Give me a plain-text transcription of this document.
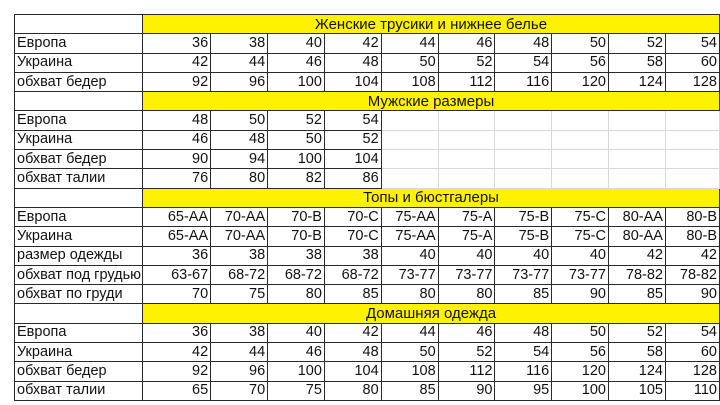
	Женские трусики и нижнее белье									
Европа	36	38	40	42	44	46	48	50	52	54
Украина	42	44	46	48	50	52	54	56	58	60
обхват бедер	92	96	100	104	108	112	116	120	124	128
	Мужские размеры									
Европа	48	50	52	54						
Украина	46	48	50	52						
обхват бедер	90	94	100	104						
обхват талии	76	80	82	86						
	Топы и бюстгалеры									
Европа	65-AA	70-AA	70-B	70-C	75-AA	75-A	75-B	75-C	80-AA	80-B
Украина	65-AA	70-AA	70-B	70-C	75-AA	75-A	75-B	75-C	80-AA	80-B
размер одежды	36	38	38	38	40	40	40	40	42	42
обхват под грудью	63-67	68-72	68-72	68-72	73-77	73-77	73-77	73-77	78-82	78-82
обхват по груди	70	75	80	85	80	80	85	90	85	90
	Домашняя одежда									
Европа	36	38	40	42	44	46	48	50	52	54
Украина	42	44	46	48	50	52	54	56	58	60
обхват бедер	92	96	100	104	108	112	116	120	124	128
обхват талии	65	70	75	80	85	90	95	100	105	110
